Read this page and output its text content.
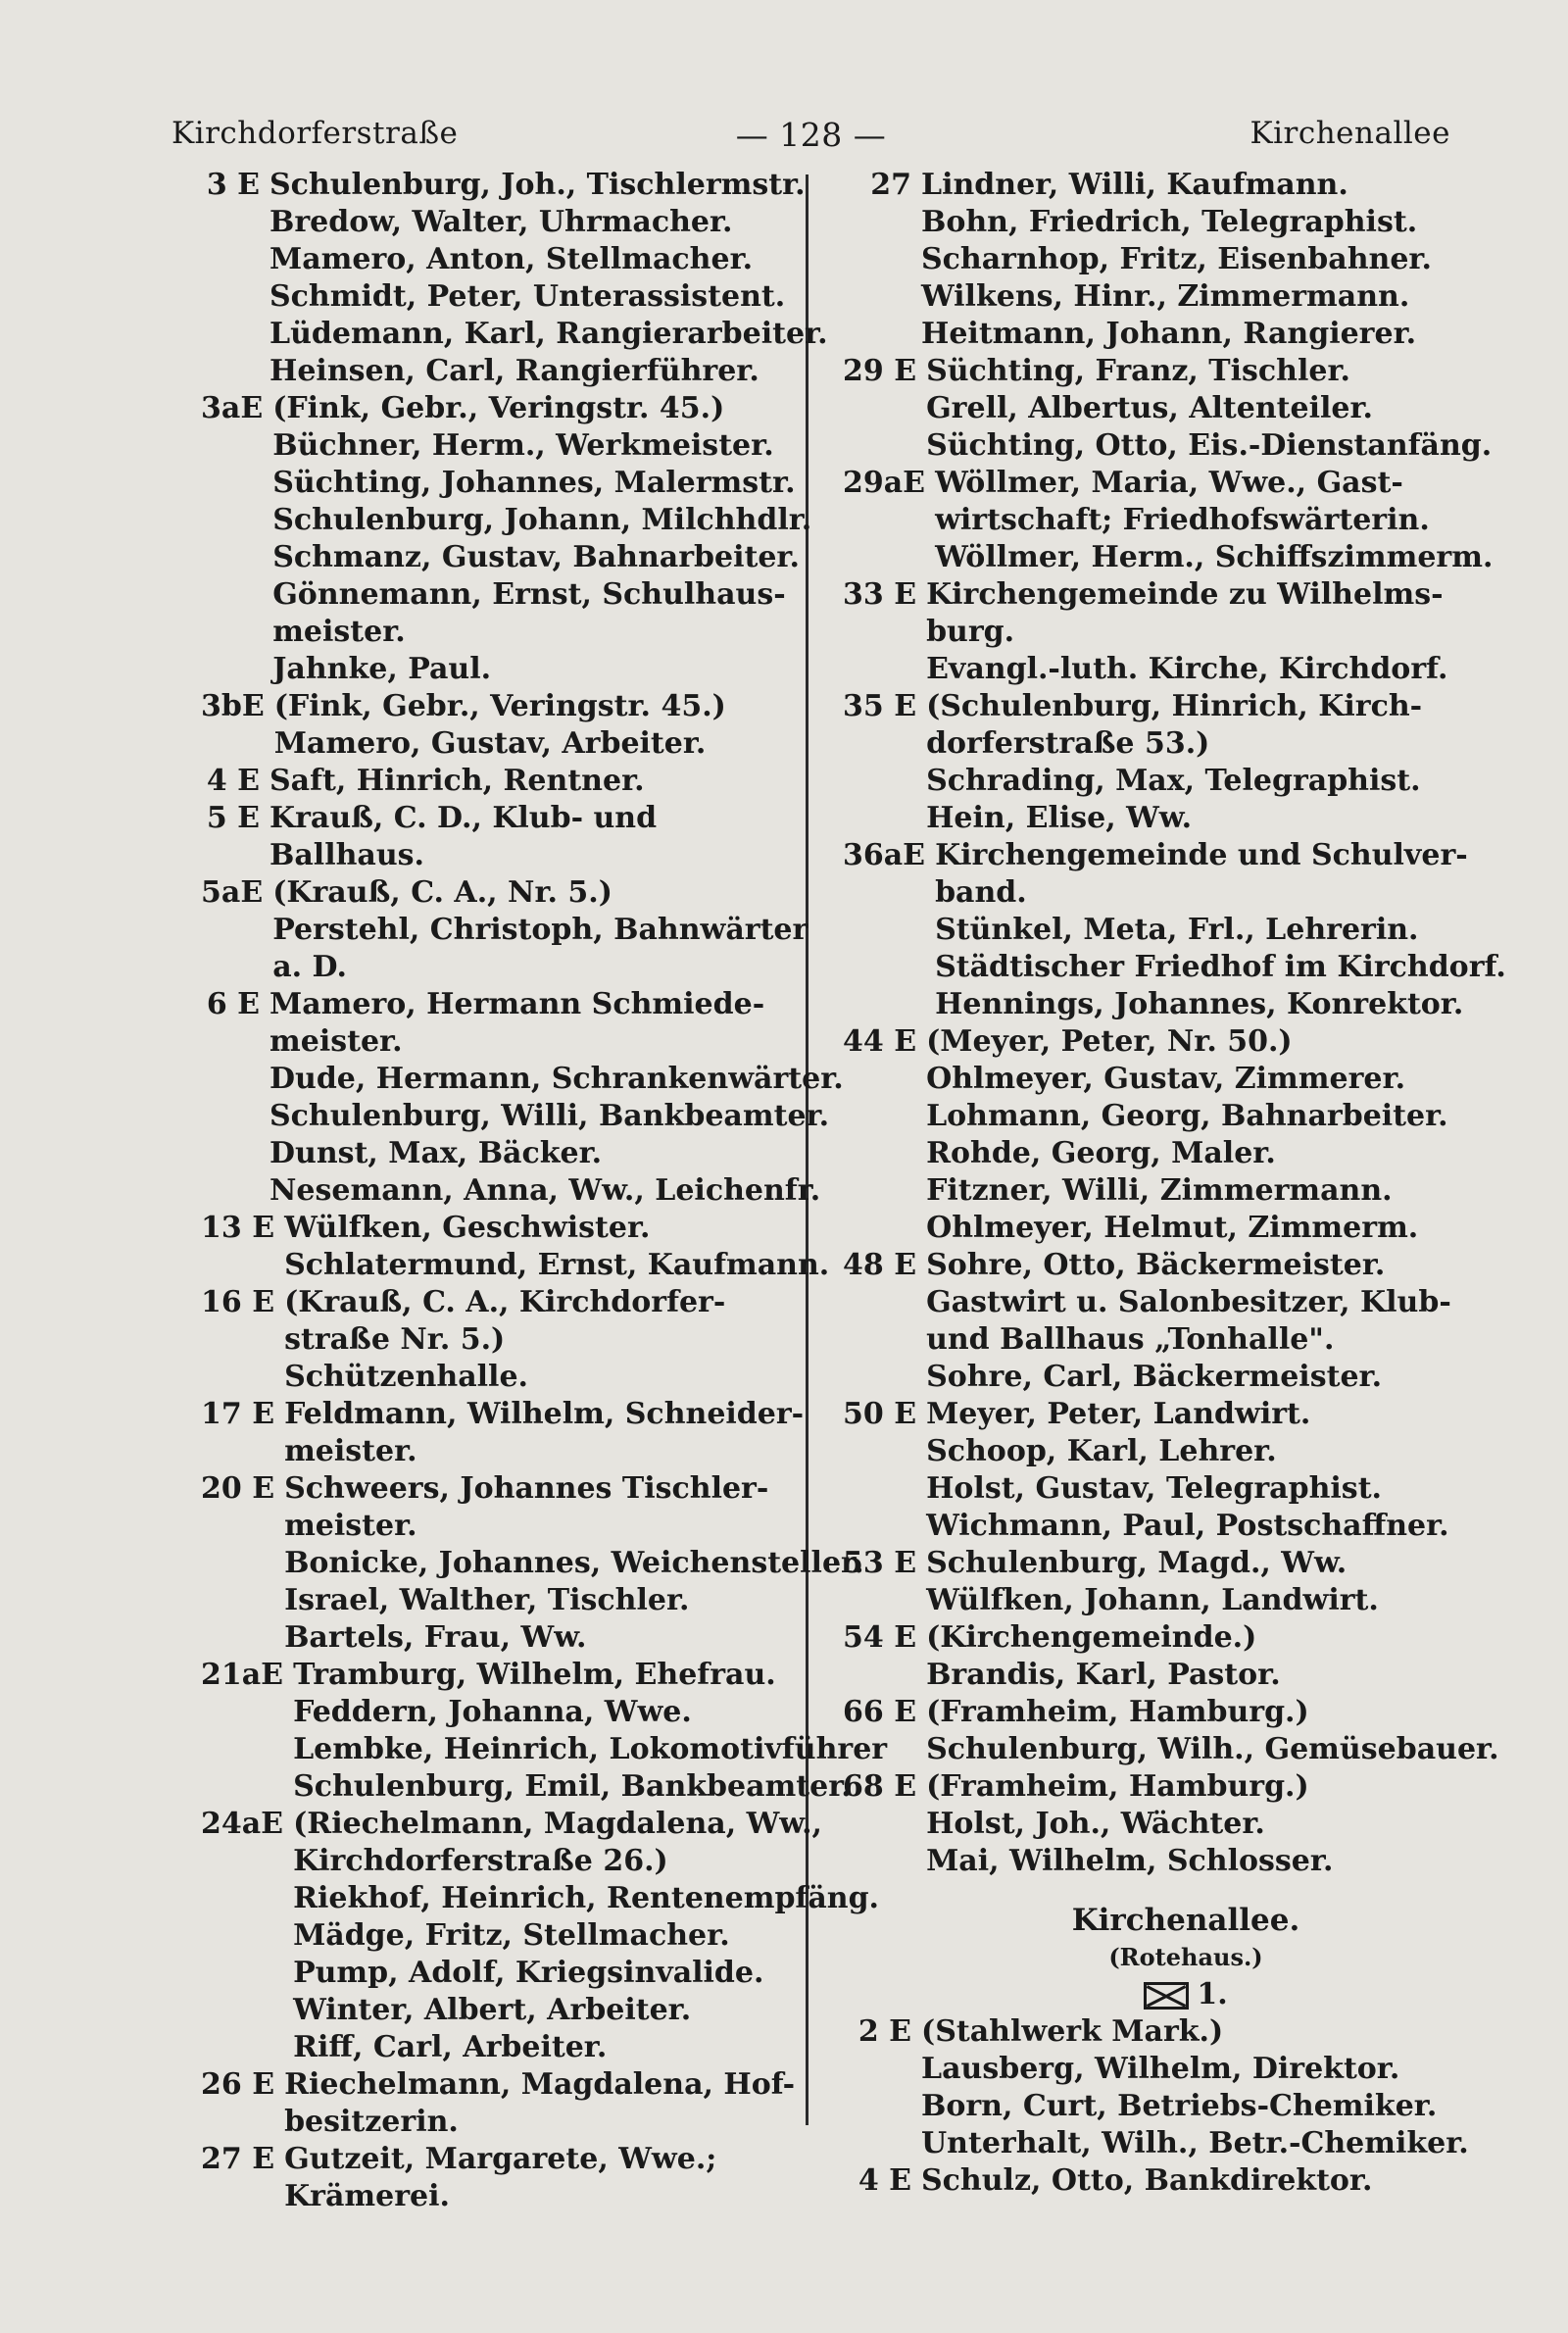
Kirchdorferstraße	— 128 —	Kirchenallee
3 E Schulenburg, Joh., Tischlermstr.
Bredow, Walter, Uhrmacher.
Mamero, Anton, Stellmacher.
Schmidt, Peter, Unterassistent.
Lüdemann, Karl, Rangierarbeiter.
Heinsen, Carl, Rangierführer.
3aE (Fink, Gebr., Veringstr. 45.)
Büchner, Herm., Werkmeister.
Süchting, Johannes, Malermstr.
Schulenburg, Johann, Milchhdlr.
Schmanz, Gustav, Bahnarbeiter.
Gönnemann, Ernst, Schulhaus-
meister.
Jahnke, Paul.
3bE (Fink, Gebr., Veringstr. 45.)
Mamero, Gustav, Arbeiter.
4 E Saft, Hinrich, Rentner.
5 E Krauß, C. D., Klub- und
Ballhaus.
5aE (Krauß, C. A., Nr. 5.)
Perstehl, Christoph, Bahnwärter
a. D.
6 E Mamero, Hermann Schmiede-
meister.
Dude, Hermann, Schrankenwärter.
Schulenburg, Willi, Bankbeamter.
Dunst, Max, Bäcker.
Nesemann, Anna, Ww., Leichenfr.
13 E Wülfken, Geschwister.
Schlatermund, Ernst, Kaufmann.
16 E (Krauß, C. A., Kirchdorfer-
straße Nr. 5.)
Schützenhalle.
17 E Feldmann, Wilhelm, Schneider-
meister.
20 E Schweers, Johannes Tischler-
meister.
Bonicke, Johannes, Weichensteller.
Israel, Walther, Tischler.
Bartels, Frau, Ww.
21aE Tramburg, Wilhelm, Ehefrau.
Feddern, Johanna, Wwe.
Lembke, Heinrich, Lokomotivführer
Schulenburg, Emil, Bankbeamter.
24aE (Riechelmann, Magdalena, Ww.,
Kirchdorferstraße 26.)
Riekhof, Heinrich, Rentenempfäng.
Mädge, Fritz, Stellmacher.
Pump, Adolf, Kriegsinvalide.
Winter, Albert, Arbeiter.
Riff, Carl, Arbeiter.
26 E Riechelmann, Magdalena, Hof-
besitzerin.
27 E Gutzeit, Margarete, Wwe.;
Krämerei.
27 Lindner, Willi, Kaufmann.
Bohn, Friedrich, Telegraphist.
Scharnhop, Fritz, Eisenbahner.
Wilkens, Hinr., Zimmermann.
Heitmann, Johann, Rangierer.
29 E Süchting, Franz, Tischler.
Grell, Albertus, Altenteiler.
Süchting, Otto, Eis.-Dienstanfäng.
29aE Wöllmer, Maria, Wwe., Gast-
wirtschaft; Friedhofswärterin.
Wöllmer, Herm., Schiffszimmerm.
33 E Kirchengemeinde zu Wilhelms-
burg.
Evangl.-luth. Kirche, Kirchdorf.
35 E (Schulenburg, Hinrich, Kirch-
dorferstraße 53.)
Schrading, Max, Telegraphist.
Hein, Elise, Ww.
36aE Kirchengemeinde und Schulver-
band.
Stünkel, Meta, Frl., Lehrerin.
Städtischer Friedhof im Kirchdorf.
Hennings, Johannes, Konrektor.
44 E (Meyer, Peter, Nr. 50.)
Ohlmeyer, Gustav, Zimmerer.
Lohmann, Georg, Bahnarbeiter.
Rohde, Georg, Maler.
Fitzner, Willi, Zimmermann.
Ohlmeyer, Helmut, Zimmerm.
48 E Sohre, Otto, Bäckermeister.
Gastwirt u. Salonbesitzer, Klub-
und Ballhaus „Tonhalle".
Sohre, Carl, Bäckermeister.
50 E Meyer, Peter, Landwirt.
Schoop, Karl, Lehrer.
Holst, Gustav, Telegraphist.
Wichmann, Paul, Postschaffner.
53 E Schulenburg, Magd., Ww.
Wülfken, Johann, Landwirt.
54 E (Kirchengemeinde.)
Brandis, Karl, Pastor.
66 E (Framheim, Hamburg.)
Schulenburg, Wilh., Gemüsebauer.
68 E (Framheim, Hamburg.)
Holst, Joh., Wächter.
Mai, Wilhelm, Schlosser.
Kirchenallee.
(Rotehaus.)
1.
2 E (Stahlwerk Mark.)
Lausberg, Wilhelm, Direktor.
Born, Curt, Betriebs-Chemiker.
Unterhalt, Wilh., Betr.-Chemiker.
4 E Schulz, Otto, Bankdirektor.
